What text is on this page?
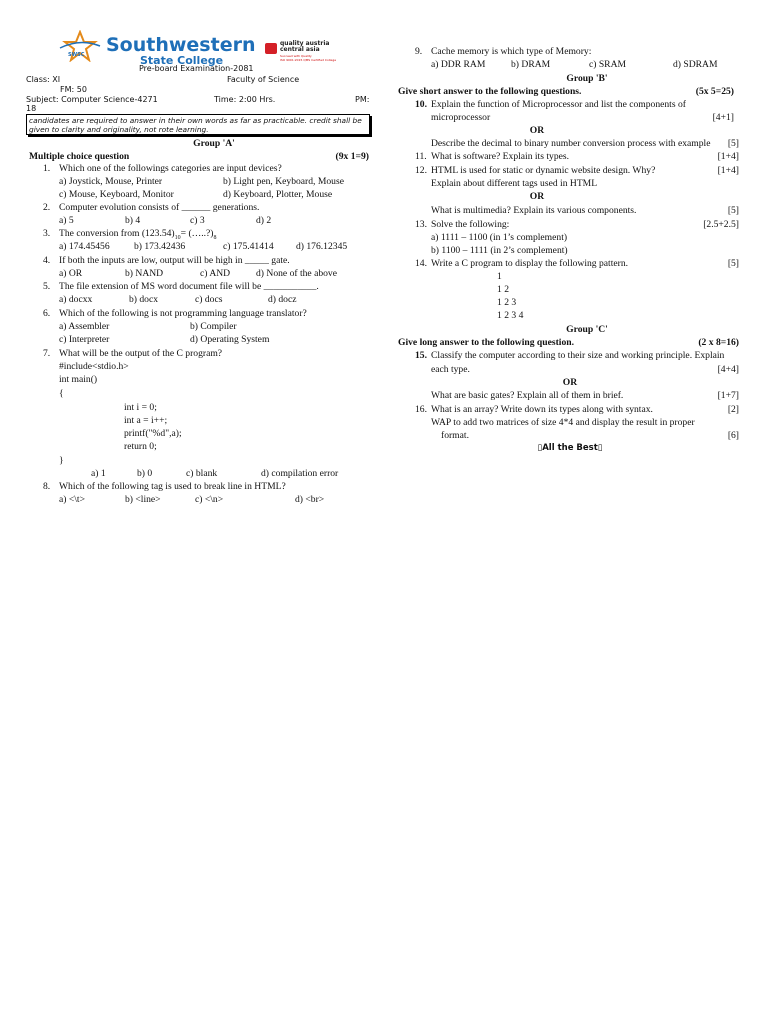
SWSC Southwestern
State College
quality austria
central asia
Succeed with Quality
ISO 9001:2015 QMS Certified College
Pre-board Examination-2081
Class: XI	Faculty of Science
FM: 50
Subject: Computer Science-4271	Time: 2:00 Hrs.	PM:
18
candidates are required to answer in their own words as far as practicable. credit shall be given to clarity and originality, not rote learning.
Group 'A'
Multiple choice question	(9x 1=9)
1. Which one of the followings categories are input devices?
a) Joystick, Mouse, Printer	b) Light pen, Keyboard, Mouse
c) Mouse, Keyboard, Monitor	d) Keyboard, Plotter, Mouse
2. Computer evolution consists of ______ generations.
a) 5	b) 4	c) 3	d) 2
3. The conversion from $(123.54)_{10}=$ $(\dots..?)_8$
a) 174.45456	b) 173.42436	c) 175.41414 d) 176.12345
4. If both the inputs are low, output will be high in _____ gate.
a) OR	b) NAND	c) AND	d) None of the above
5. The file extension of MS word document file will be ___________.
a) docxx	b) docx	c) docs	d) docz
6. Which of the following is not programming language translator?
a) Assembler	b) Compiler
c) Interpreter	d) Operating System
7. What will be the output of the C program?
#include<stdio.h>
int main()
{
int i = 0;
int a = i++;
printf("%d",a);
return 0;
}
a) 1	b) 0	c) blank	d) compilation error
8. Which of the following tag is used to break line in HTML?
a) <\t>	b) <line>	c) <\n>	d) <br>
9. Cache memory is which type of Memory:
a) DDR RAM	b) DRAM	c) SRAM	d) SDRAM
Group 'B'
Give short answer to the following questions.	(5x 5=25)
10. Explain the function of Microprocessor and list the components of
microprocessor	[4+1]
OR
Describe the decimal to binary number conversion process with example	[5]
11. What is software? Explain its types.	[1+4]
12. HTML is used for static or dynamic website design. Why?	[1+4]
Explain about different tags used in HTML
OR
What is multimedia? Explain its various components.	[5]
13. Solve the following:	[2.5+2.5]
a) 1111 – 1100 (in 1’s complement)
b) 1100 – 1111 (in 2’s complement)
14. Write a C program to display the following pattern.	[5]
1
1 2
1 2 3
1 2 3 4
Group 'C'
Give long answer to the following question.	(2 x 8=16)
15. Classify the computer according to their size and working principle. Explain
each type.	[4+4]
OR
What are basic gates? Explain all of them in brief.	[1+7]
16. What is an array? Write down its types along with syntax.	[2]
WAP to add two matrices of size 4*4 and display the result in proper
format.	[6]
▯All the Best▯
